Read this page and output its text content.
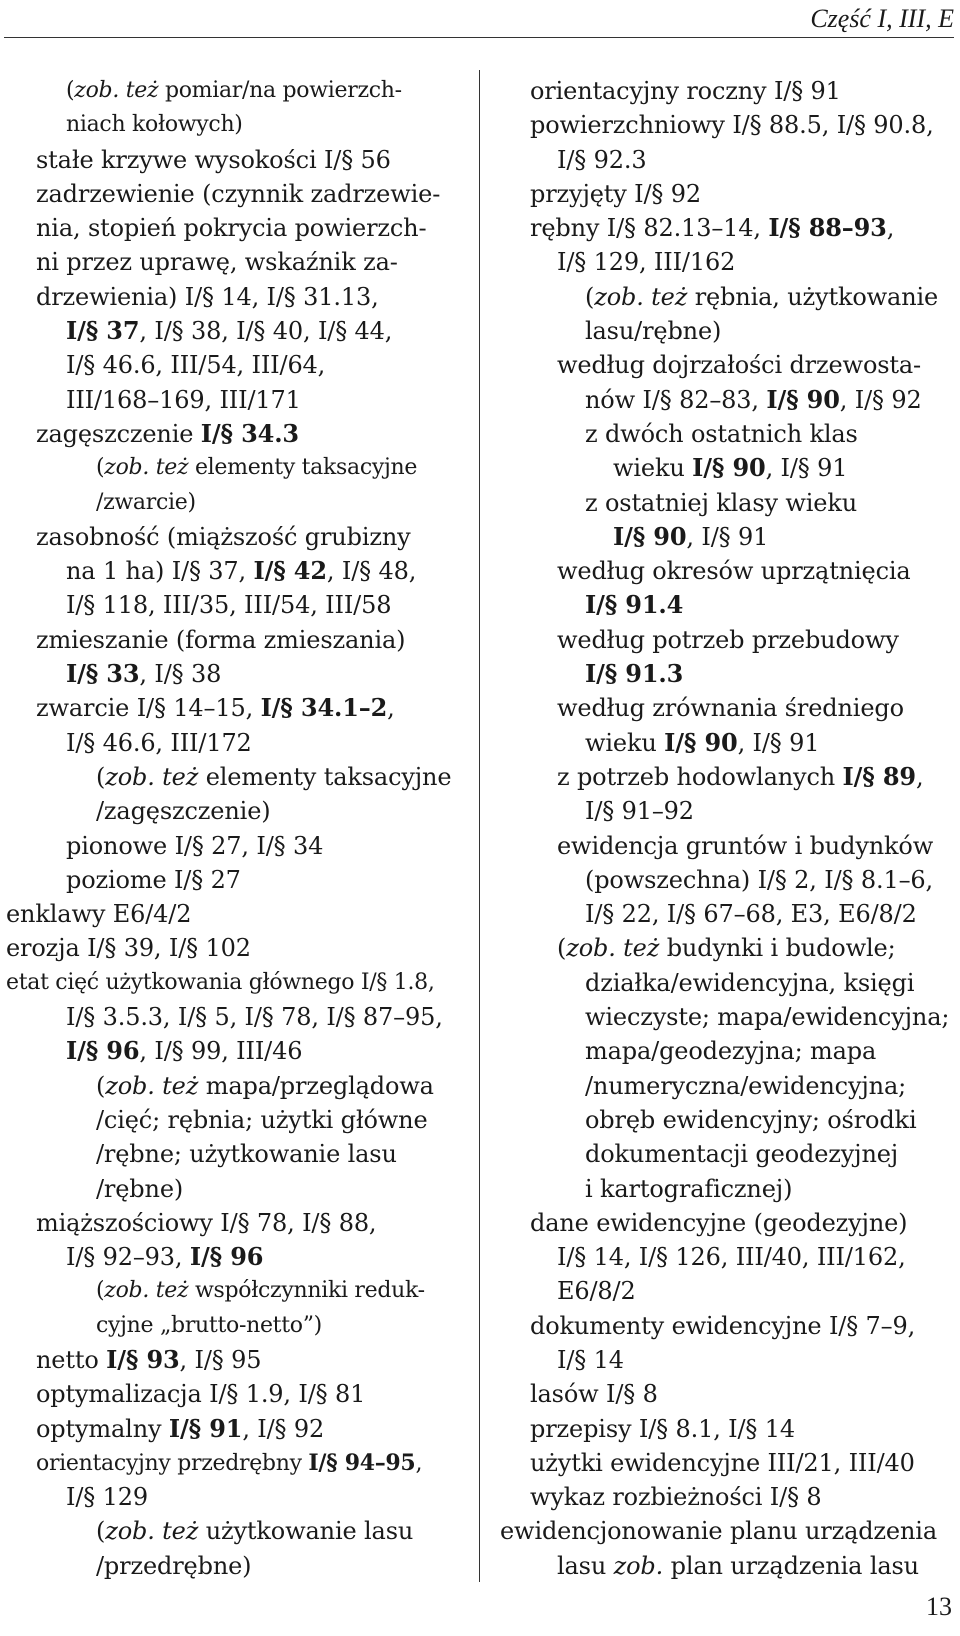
Część I, III, E
(zob. też pomiar/na powierzch-
niach kołowych)
stałe krzywe wysokości I/§ 56
zadrzewienie (czynnik zadrzewie-
nia, stopień pokrycia powierzch-
ni przez uprawę, wskaźnik za-
drzewienia) I/§ 14, I/§ 31.13,
I/§ 37, I/§ 38, I/§ 40, I/§ 44,
I/§ 46.6, III/54, III/64,
III/168–169, III/171
zagęszczenie I/§ 34.3
(zob. też elementy taksacyjne
/zwarcie)
zasobność (miąższość grubizny
na 1 ha) I/§ 37, I/§ 42, I/§ 48,
I/§ 118, III/35, III/54, III/58
zmieszanie (forma zmieszania)
I/§ 33, I/§ 38
zwarcie I/§ 14–15, I/§ 34.1–2,
I/§ 46.6, III/172
(zob. też elementy taksacyjne
/zagęszczenie)
pionowe I/§ 27, I/§ 34
poziome I/§ 27
enklawy E6/4/2
erozja I/§ 39, I/§ 102
etat cięć użytkowania głównego I/§ 1.8,
I/§ 3.5.3, I/§ 5, I/§ 78, I/§ 87–95,
I/§ 96, I/§ 99, III/46
(zob. też mapa/przeglądowa
/cięć; rębnia; użytki główne
/rębne; użytkowanie lasu
/rębne)
miąższościowy I/§ 78, I/§ 88,
I/§ 92–93, I/§ 96
(zob. też współczynniki reduk-
cyjne „brutto-netto”)
netto I/§ 93, I/§ 95
optymalizacja I/§ 1.9, I/§ 81
optymalny I/§ 91, I/§ 92
orientacyjny przedrębny I/§ 94–95,
I/§ 129
(zob. też użytkowanie lasu
/przedrębne)
orientacyjny roczny I/§ 91
powierzchniowy I/§ 88.5, I/§ 90.8,
I/§ 92.3
przyjęty I/§ 92
rębny I/§ 82.13–14, I/§ 88–93,
I/§ 129, III/162
(zob. też rębnia, użytkowanie
lasu/rębne)
według dojrzałości drzewosta-
nów I/§ 82–83, I/§ 90, I/§ 92
z dwóch ostatnich klas
wieku I/§ 90, I/§ 91
z ostatniej klasy wieku
I/§ 90, I/§ 91
według okresów uprzątnięcia
I/§ 91.4
według potrzeb przebudowy
I/§ 91.3
według zrównania średniego
wieku I/§ 90, I/§ 91
z potrzeb hodowlanych I/§ 89,
I/§ 91–92
ewidencja gruntów i budynków
(powszechna) I/§ 2, I/§ 8.1–6,
I/§ 22, I/§ 67–68, E3, E6/8/2
(zob. też budynki i budowle;
działka/ewidencyjna, księgi
wieczyste; mapa/ewidencyjna;
mapa/geodezyjna; mapa
/numeryczna/ewidencyjna;
obręb ewidencyjny; ośrodki
dokumentacji geodezyjnej
i kartograficznej)
dane ewidencyjne (geodezyjne)
I/§ 14, I/§ 126, III/40, III/162,
E6/8/2
dokumenty ewidencyjne I/§ 7–9,
I/§ 14
lasów I/§ 8
przepisy I/§ 8.1, I/§ 14
użytki ewidencyjne III/21, III/40
wykaz rozbieżności I/§ 8
ewidencjonowanie planu urządzenia
lasu zob. plan urządzenia lasu
13
